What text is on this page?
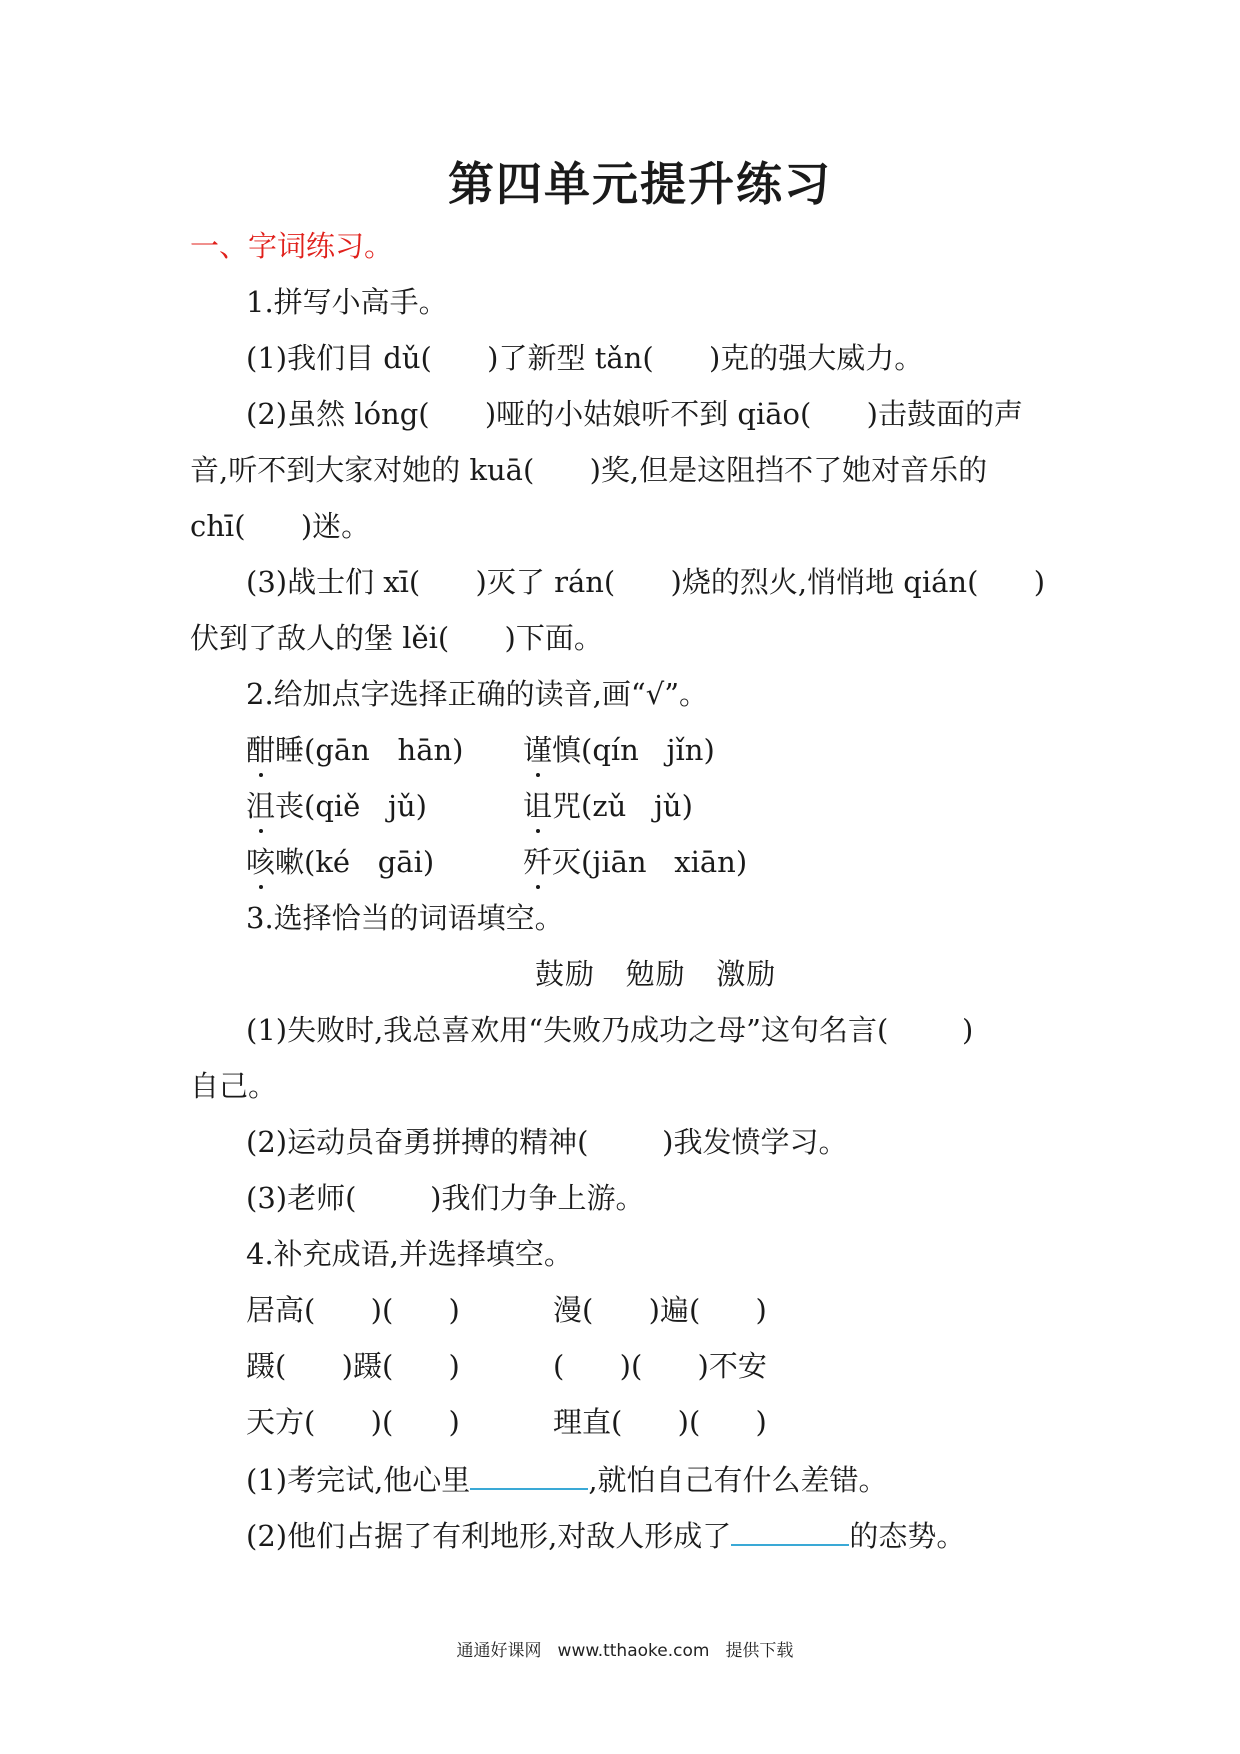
第四单元提升练习
一、字词练习。
1.拼写小高手。
(1)我们目 dǔ(      )了新型 tǎn(      )克的强大威力。
(2)虽然 lóng(      )哑的小姑娘听不到 qiāo(      )击鼓面的声
音,听不到大家对她的 kuā(      )奖,但是这阻挡不了她对音乐的
chī(      )迷。
(3)战士们 xī(      )灭了 rán(      )烧的烈火,悄悄地 qián(      )
伏到了敌人的堡 lěi(      )下面。
2.给加点字选择正确的读音,画“√”。
酣睡(gān   hān) 谨慎(qín   jǐn)
沮丧(qiě   jǔ)	诅咒(zǔ   jǔ)
咳嗽(ké   gāi)	歼灭(jiān   xiān)
3.选择恰当的词语填空。
鼓励   勉励   激励
(1)失败时,我总喜欢用“失败乃成功之母”这句名言(        )
自己。
(2)运动员奋勇拼搏的精神(        )我发愤学习。
(3)老师(        )我们力争上游。
4.补充成语,并选择填空。
居高(      )(      )	漫(      )遍(      )
蹑(      )蹑(      )	(      )(      )不安
天方(      )(      )	理直(      )(      )
(1)考完试,他心里	,就怕自己有什么差错。
(2)他们占据了有利地形,对敌人形成了	的态势。
通通好课网 www.tthaoke.com 提供下载
